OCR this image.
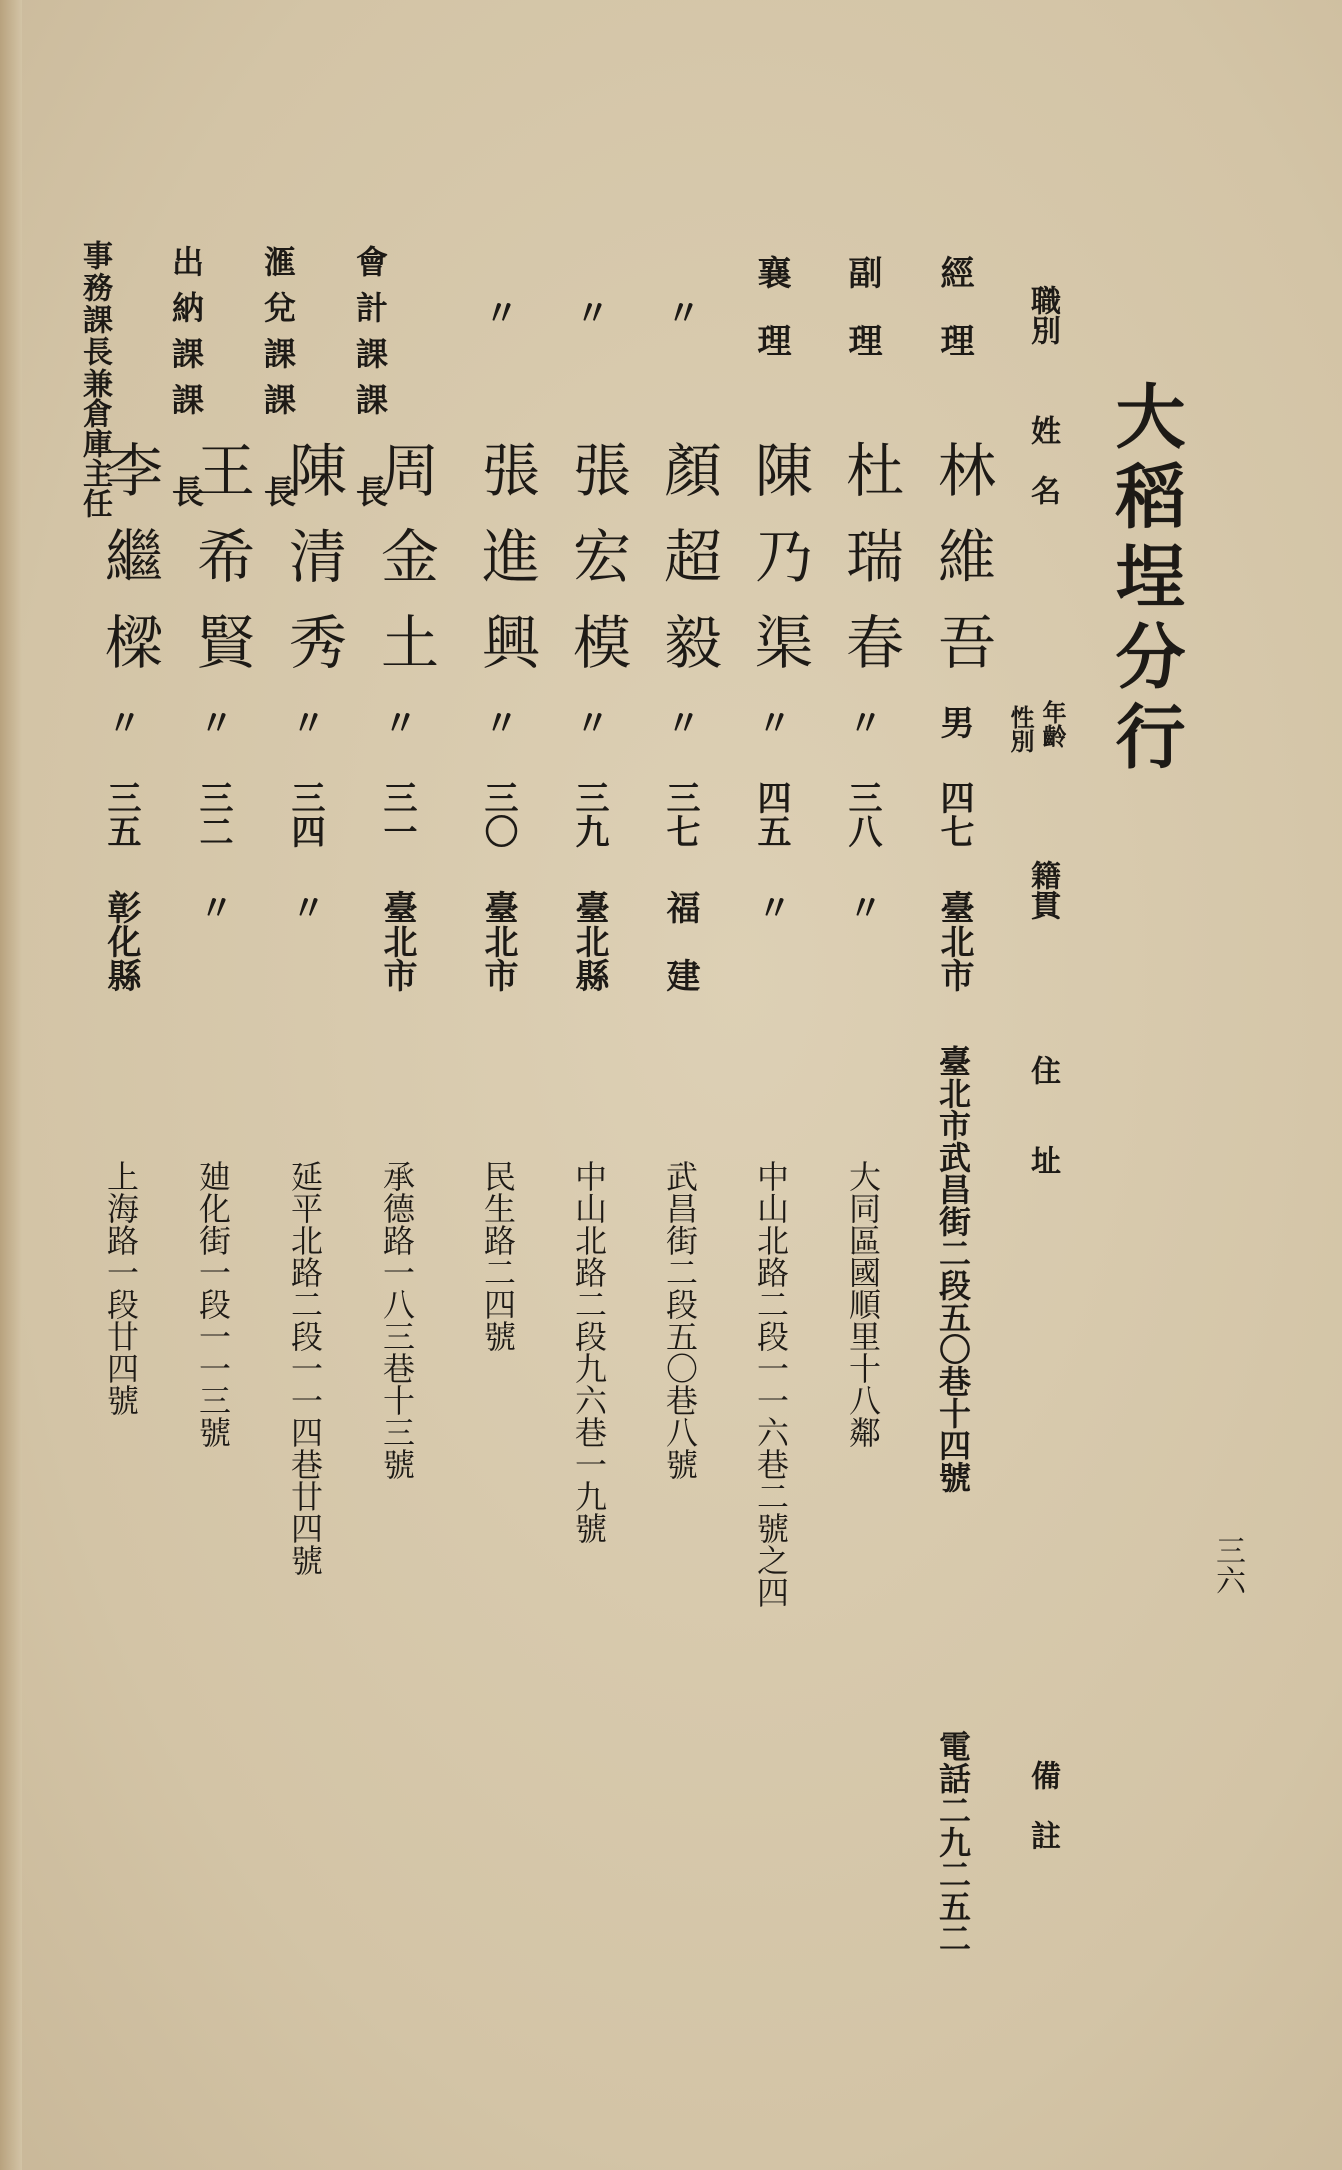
大稻埕分行
三六
職別
姓　名
性別 年齡
籍貫
住　　址
備　註
經　理
林維吾
男
四七
臺北市
臺北市武昌街二段五〇巷十四號
電話二九二五二
副　理
杜瑞春
〃
三八
〃
大同區國順里十八鄰
襄　理
陳乃渠
〃
四五
〃
中山北路二段一一六巷二號之四
〃
顏超毅
〃
三七
福　建
武昌街二段五〇巷八號
〃
張宏模
〃
三九
臺北縣
中山北路二段九六巷一九號
〃
張進興
〃
三〇
臺北市
民生路二四號
會計課
課　長
周金土
〃
三一
臺北市
承德路一八三巷十三號
滙兌課
課　長
陳清秀
〃
三四
〃
延平北路二段一一四巷廿四號
出納課
課　長
王希賢
〃
三二
〃
廸化街一段一一三號
事務課長
兼倉庫主任
李繼樑
〃
三五
彰化縣
上海路一段廿四號
